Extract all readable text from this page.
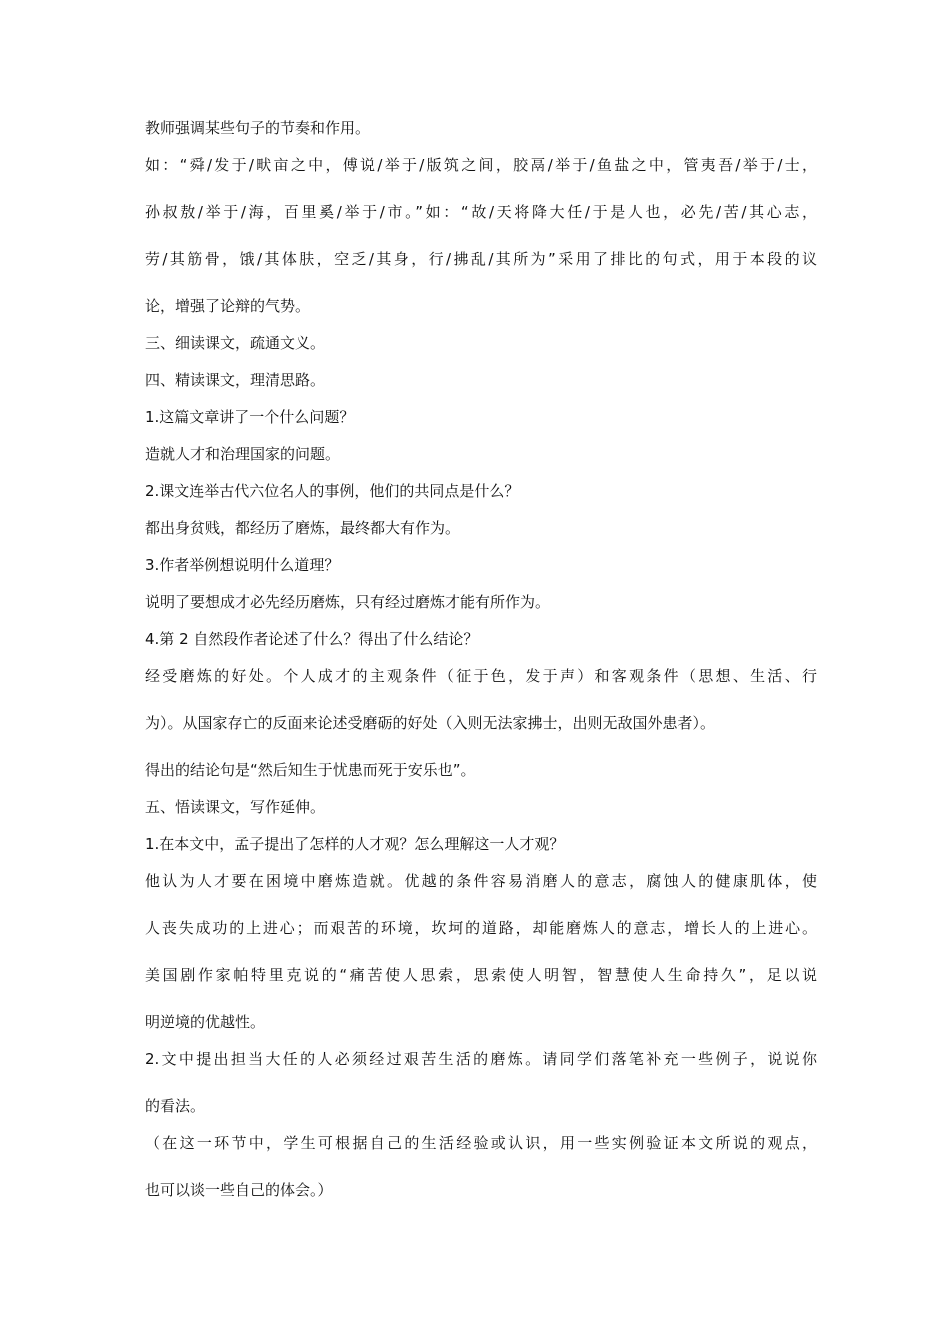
教师强调某些句子的节奏和作用。

如：“舜/发于/畎亩之中，傅说/举于/版筑之间，胶鬲/举于/鱼盐之中，管夷吾/举于/士，

孙叔敖/举于/海，百里奚/举于/市。”如：“故/天将降大任/于是人也，必先/苦/其心志，

劳/其筋骨，饿/其体肤，空乏/其身，行/拂乱/其所为”采用了排比的句式，用于本段的议

论，增强了论辩的气势。

三、细读课文，疏通文义。

四、精读课文，理清思路。

1.这篇文章讲了一个什么问题？

造就人才和治理国家的问题。

2.课文连举古代六位名人的事例，他们的共同点是什么？

都出身贫贱，都经历了磨炼，最终都大有作为。

3.作者举例想说明什么道理？

说明了要想成才必先经历磨炼，只有经过磨炼才能有所作为。

4.第 2 自然段作者论述了什么？得出了什么结论？

经受磨炼的好处。个人成才的主观条件（征于色，发于声）和客观条件（思想、生活、行

为）。从国家存亡的反面来论述受磨砺的好处（入则无法家拂士，出则无敌国外患者）。

得出的结论句是“然后知生于忧患而死于安乐也”。

五、悟读课文，写作延伸。

1.在本文中，孟子提出了怎样的人才观？怎么理解这一人才观？

他认为人才要在困境中磨炼造就。优越的条件容易消磨人的意志，腐蚀人的健康肌体，使

人丧失成功的上进心；而艰苦的环境，坎坷的道路，却能磨炼人的意志，增长人的上进心。

美国剧作家帕特里克说的“痛苦使人思索，思索使人明智，智慧使人生命持久”，足以说

明逆境的优越性。

2.文中提出担当大任的人必须经过艰苦生活的磨炼。请同学们落笔补充一些例子，说说你

的看法。

（在这一环节中，学生可根据自己的生活经验或认识，用一些实例验证本文所说的观点，

也可以谈一些自己的体会。）
